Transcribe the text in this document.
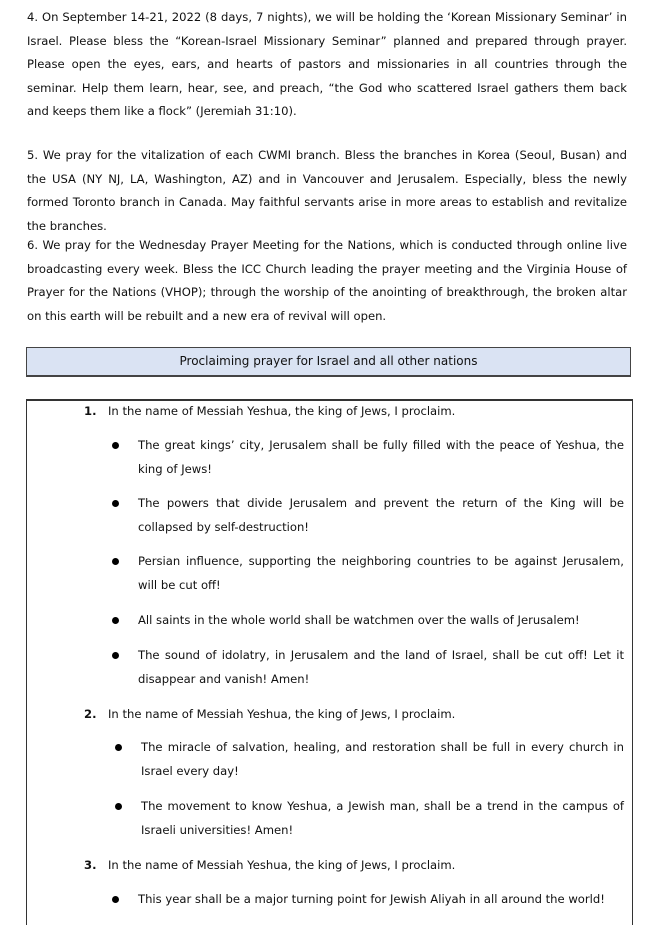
4. On September 14-21, 2022 (8 days, 7 nights), we will be holding the ‘Korean Missionary Seminar’ in Israel. Please bless the “Korean-Israel Missionary Seminar” planned and prepared through prayer. Please open the eyes, ears, and hearts of pastors and missionaries in all countries through the seminar. Help them learn, hear, see, and preach, “the God who scattered Israel gathers them back and keeps them like a flock” (Jeremiah 31:10).

5. We pray for the vitalization of each CWMI branch. Bless the branches in Korea (Seoul, Busan) and the USA (NY NJ, LA, Washington, AZ) and in Vancouver and Jerusalem. Especially, bless the newly formed Toronto branch in Canada. May faithful servants arise in more areas to establish and revitalize the branches.

6. We pray for the Wednesday Prayer Meeting for the Nations, which is conducted through online live broadcasting every week. Bless the ICC Church leading the prayer meeting and the Virginia House of Prayer for the Nations (VHOP); through the worship of the anointing of breakthrough, the broken altar on this earth will be rebuilt and a new era of revival will open.

Proclaiming prayer for Israel and all other nations
1. In the name of Messiah Yeshua, the king of Jews, I proclaim.
The great kings’ city, Jerusalem shall be fully filled with the peace of Yeshua, the king of Jews!
The powers that divide Jerusalem and prevent the return of the King will be collapsed by self-destruction!
Persian influence, supporting the neighboring countries to be against Jerusalem, will be cut off!
All saints in the whole world shall be watchmen over the walls of Jerusalem!
The sound of idolatry, in Jerusalem and the land of Israel, shall be cut off! Let it disappear and vanish! Amen!
2. In the name of Messiah Yeshua, the king of Jews, I proclaim.
The miracle of salvation, healing, and restoration shall be full in every church in Israel every day!
The movement to know Yeshua, a Jewish man, shall be a trend in the campus of Israeli universities! Amen!
3. In the name of Messiah Yeshua, the king of Jews, I proclaim.
This year shall be a major turning point for Jewish Aliyah in all around the world!
